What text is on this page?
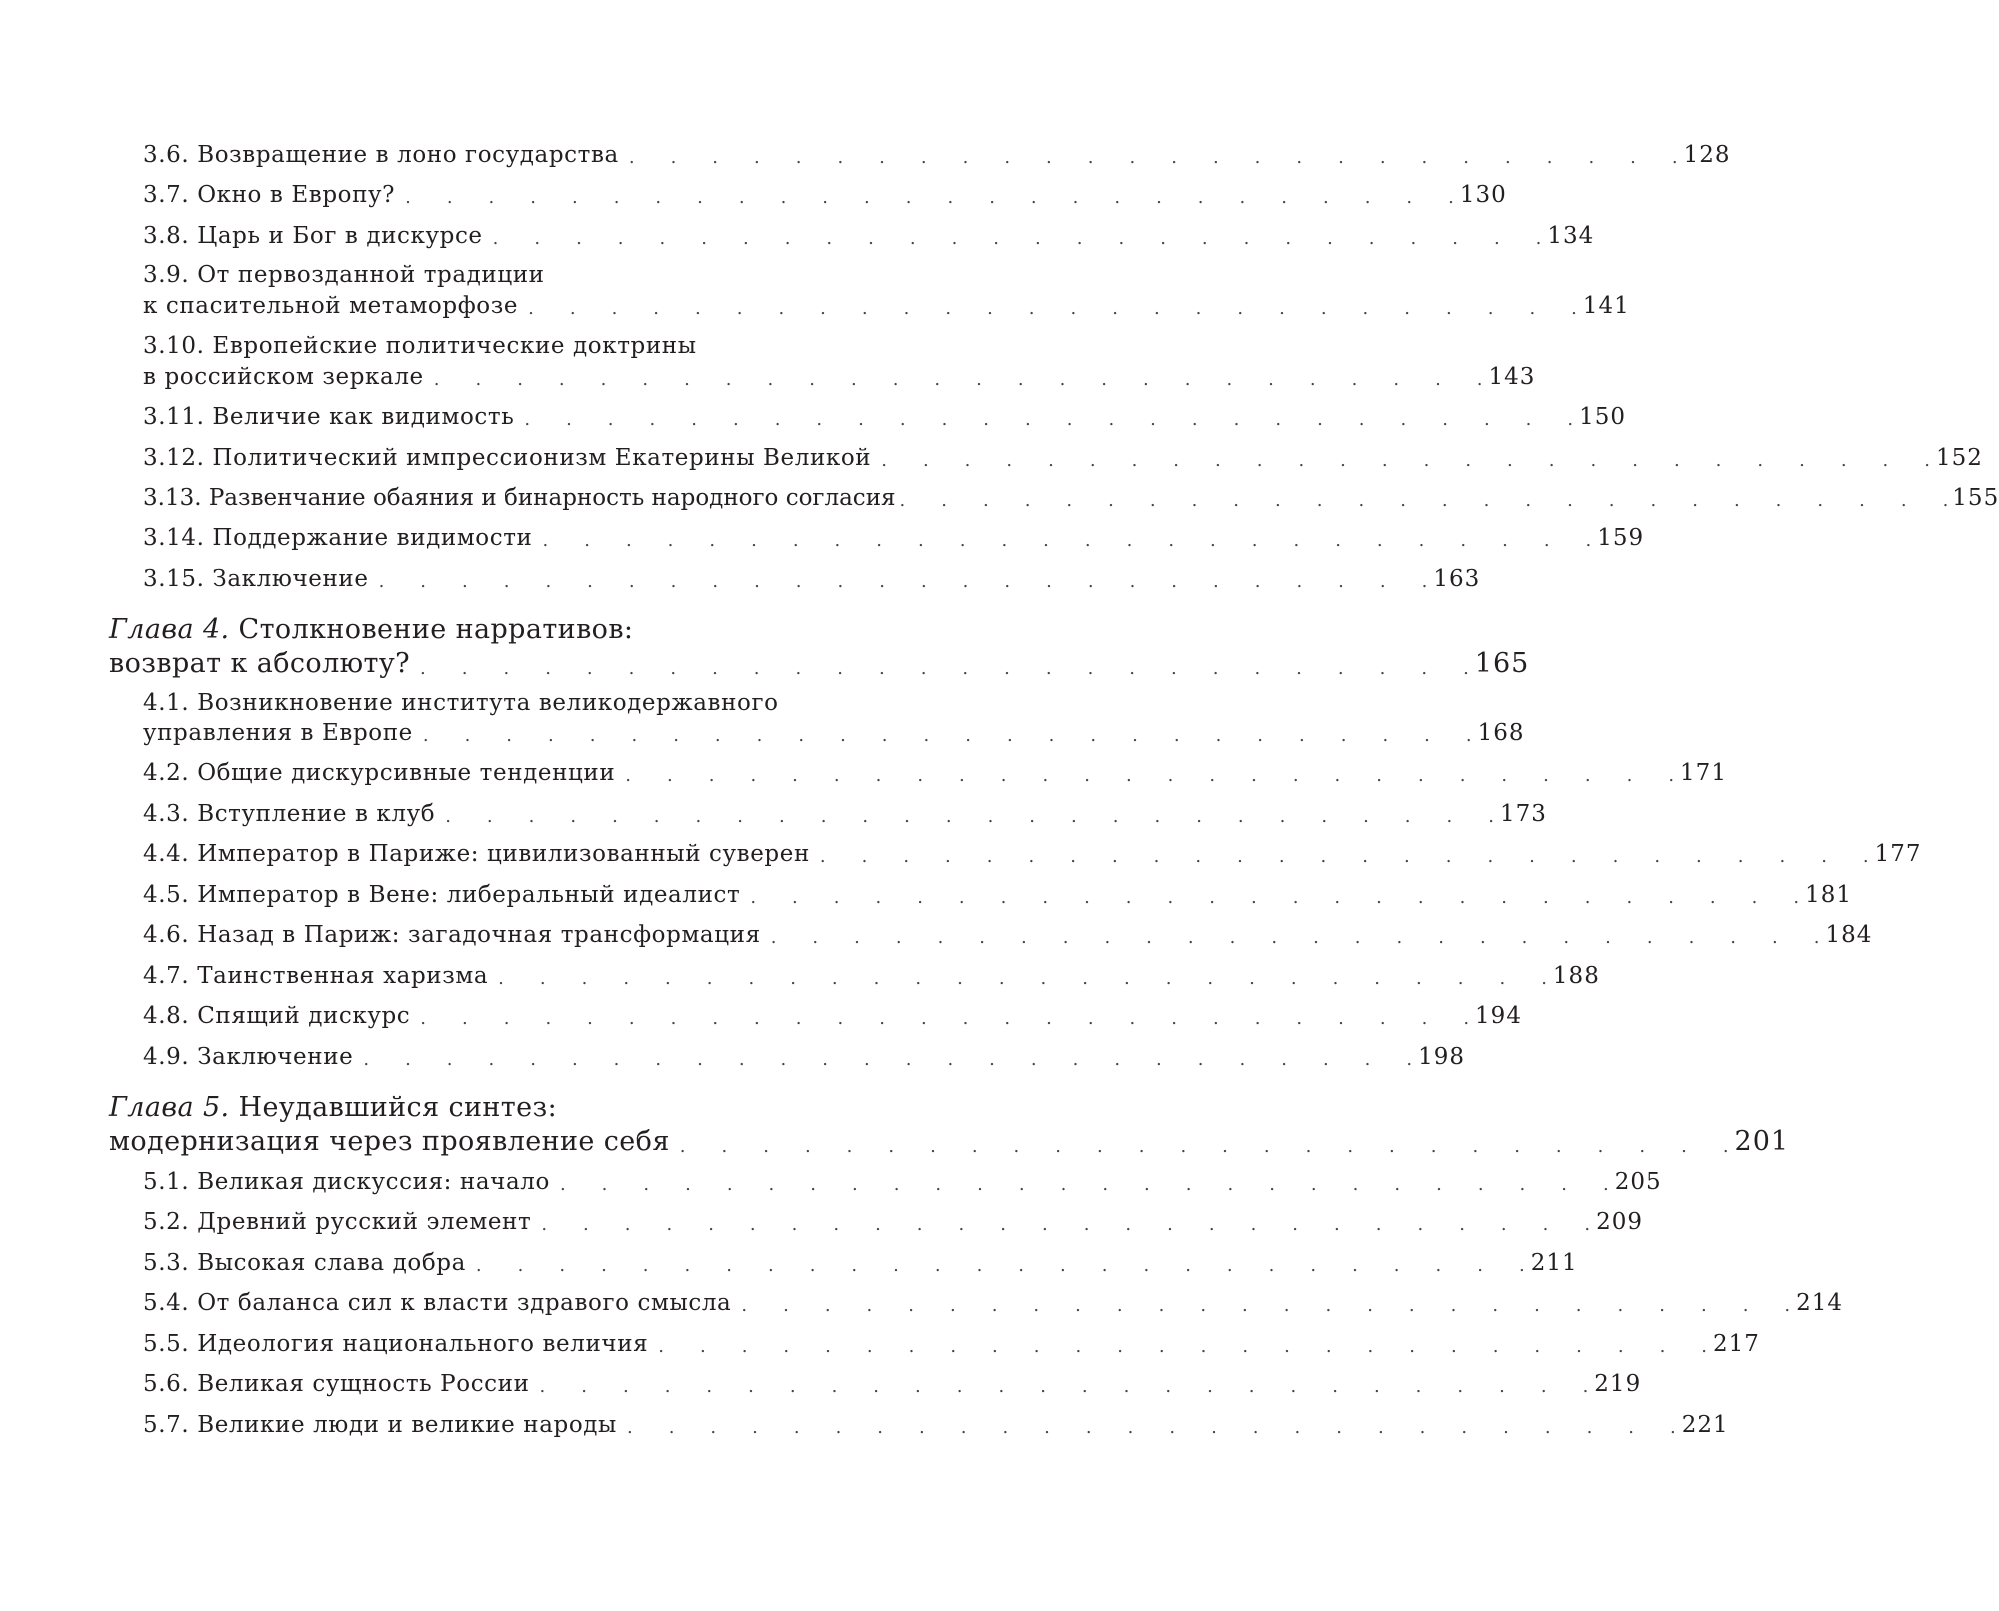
3.6. Возвращение в лоно государства .  . 	128
3.7. Окно в Европу? .  . 	130
3.8. Царь и Бог в дискурсе .  . 	134
3.9. От первозданной традиции
к спасительной метаморфозе .  . 	141
3.10. Европейские политические доктрины
в российском зеркале .  . 	143
3.11. Величие как видимость .  . 	150
3.12. Политический импрессионизм Екатерины Великой .  . 	152
3.13. Развенчание обаяния и бинарность народного согласия .  . 	155
3.14. Поддержание видимости .  . 	159
3.15. Заключение .  . 	163
Глава 4. Столкновение нарративов:
возврат к абсолюту? .  . 	165
4.1. Возникновение института великодержавного
управления в Европе .  . 	168
4.2. Общие дискурсивные тенденции .  . 	171
4.3. Вступление в клуб .  . 	173
4.4. Император в Париже: цивилизованный суверен .  . 	177
4.5. Император в Вене: либеральный идеалист .  . 	181
4.6. Назад в Париж: загадочная трансформация .  . 	184
4.7. Таинственная харизма .  . 	188
4.8. Спящий дискурс .  . 	194
4.9. Заключение .  . 	198
Глава 5. Неудавшийся синтез:
модернизация через проявление себя .  . 	201
5.1. Великая дискуссия: начало .  . 	205
5.2. Древний русский элемент .  . 	209
5.3. Высокая слава добра .  . 	211
5.4. От баланса сил к власти здравого смысла .  . 	214
5.5. Идеология национального величия .  . 	217
5.6. Великая сущность России .  . 	219
5.7. Великие люди и великие народы .  . 	221
